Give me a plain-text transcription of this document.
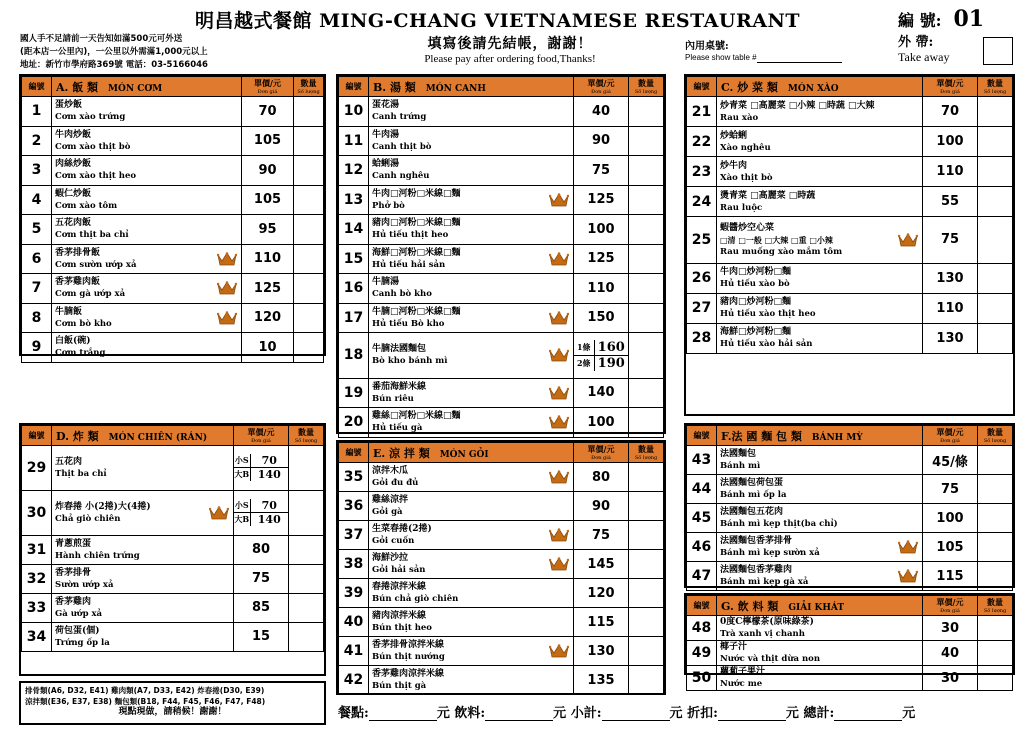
明昌越式餐館 MING-CHANG VIETNAMESE RESTAURANT
國人手不足請前一天告知如滿500元可外送
(距本店一公里內)，一公里以外需滿1,000元以上
地址：新竹市學府路369號 電話：03-5166046
填寫後請先結帳，謝謝！
Please pay after ordering food,Thanks!
內用桌號:
Please show table #
編 號: 01
外 帶:
Take away
編號	A. 飯 類 MÓN CƠM	單價/元
Đơn giá	數量
Số lượng

1	蛋炒飯
Cơm xào trứng	70	
2	牛肉炒飯
Cơm xào thịt bò	105	
3	肉絲炒飯
Cơm xào thịt heo	90	
4	蝦仁炒飯
Cơm xào tôm	105	
5	五花肉飯
Cơm thịt ba chỉ	95	
6	香茅排骨飯
Cơm sườn ướp xả	110	
7	香茅雞肉飯
Cơm gà ướp xả	125	
8	牛腩飯
Cơm bò kho	120	
9	白飯(碗)
Cơm trắng	10	
編號	D. 炸 類 MÓN CHIÊN (RÁN)	單價/元
Đơn giá
	數量
Số lượng

29	五花肉
Thịt ba chỉ

小S	70
大B	140

30	炸春捲 小(2捲)大(4捲)
Chả giò chiên

小S	70
大B	140

31	青蔥煎蛋
Hành chiên trứng	80	
32	香茅排骨
Sườn ướp xả	75	
33	香茅雞肉
Gà ướp xả	85	
34	荷包蛋(個)
Trứng ốp la	15	
編號	B. 湯 類 MÓN CANH	單價/元
Đơn giá
	數量
Số lượng

10	蛋花湯
Canh trứng	40	
11	牛肉湯
Canh thịt bò	90	
12	蛤蜊湯
Canh nghêu	75	
13	牛肉□河粉□米線□麵
Phở bò	125	
14	豬肉□河粉□米線□麵
Hủ tiếu thịt heo	100	
15	海鮮□河粉□米線□麵
Hủ tiếu hải sản	125	
16	牛腩湯
Canh bò kho	110	
17	牛腩□河粉□米線□麵
Hủ tiếu Bò kho	150	
18	牛腩法國麵包
Bò kho bánh mì

1條	160
2條	190

19	番茄海鮮米線
Bún riêu	140	
20	雞絲□河粉□米線□麵
Hủ tiếu gà	100	
編號	E. 涼 拌 類 MÓN GỎI	單價/元
Đơn giá	數量
Số lượng

35	涼拌木瓜
Gỏi đu đủ	80	
36	雞絲涼拌
Gỏi gà	90	
37	生菜春捲(2捲)
Gỏi cuốn	75	
38	海鮮沙拉
Gỏi hải sản	145	
39	春捲涼拌米線
Bún chả giò chiên	120	
40	豬肉涼拌米線
Bún thịt heo	115	
41	香茅排骨涼拌米線
Bún thịt nướng	130	
42	香茅雞肉涼拌米線
Bún thịt gà	135	
編號	C. 炒 菜 類 MÓN XÀO	單價/元
Đơn giá	數量
Số lượng

21	炒青菜 □高麗菜 □小辣 □時蔬 □大辣
Rau xào	70	
22	炒蛤蜊
Xào nghêu	100	
23	炒牛肉
Xào thịt bò	110	
24	燙青菜 □高麗菜 □時蔬
Rau luộc	55	
25	蝦醬炒空心菜
□清 □一般 □大辣 □重 □小辣
Rau muống xào mắm tôm	75	
26	牛肉□炒河粉□麵
Hủ tiếu xào bò	130	
27	豬肉□炒河粉□麵
Hủ tiếu xào thịt heo	110	
28	海鮮□炒河粉□麵
Hủ tiếu xào hải sản	130	
編號	F.法 國 麵 包 類 BÁNH MỲ	單價/元
Đơn giá	數量
Số lượng

43	法國麵包
Bánh mì	45/條	
44	法國麵包荷包蛋
Bánh mì ốp la	75	
45	法國麵包五花肉
Bánh mì kẹp thịt(ba chỉ)	100	
46	法國麵包香茅排骨
Bánh mì kẹp sườn xả	105	
47	法國麵包香茅雞肉
Bánh mì kẹp gà xả	115	
編號	G. 飲 料 類 GIẢI KHÁT	單價/元
Đơn giá	數量
Số lượng

48	0度C檸檬茶(原味綠茶)
Trà xanh vị chanh	30	
49	椰子汁
Nước và thịt dừa non	40	
50	蘿蔔子果汁
Nước me	30	
排骨類(A6, D32, E41) 雞肉類(A7, D33, E42) 炸春捲(D30, E39)
涼拌類(E36, E37, E38) 麵包類(B18, F44, F45, F46, F47, F48)
現點現做，請稍候！謝謝！	餐點:	元 飲料:	元 小計:	元 折扣:	元 總計:	元
